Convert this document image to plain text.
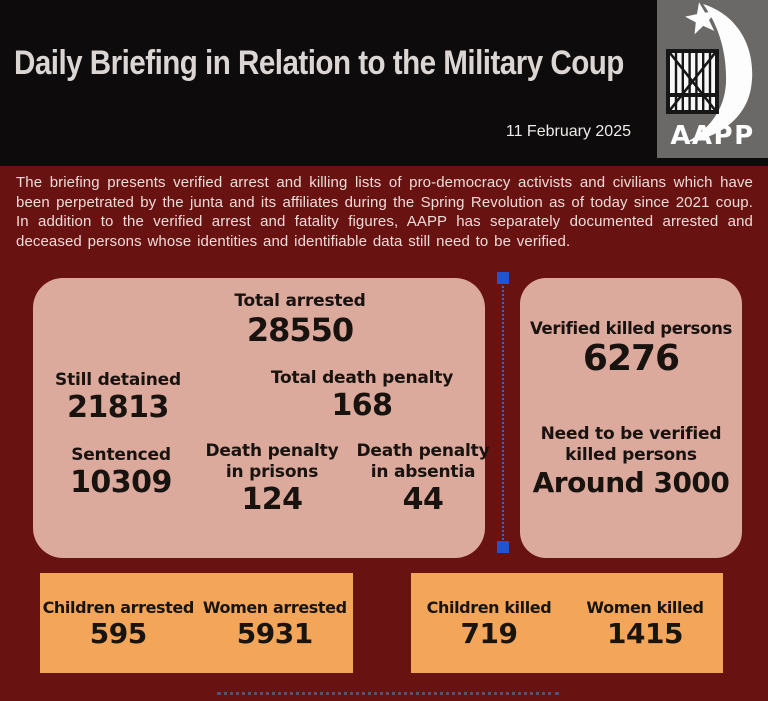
Daily Briefing in Relation to the Military Coup
11 February 2025	AAPP
The briefing presents verified arrest and killing lists of pro-democracy activists and civilians which have been perpetrated by the junta and its affiliates during the Spring Revolution as of today since 2021 coup. In addition to the verified arrest and fatality figures, AAPP has separately documented arrested and deceased persons whose identities and identifiable data still need to be verified.
Total arrested
28550
Still detained
21813
Total death penalty
168
Sentenced
10309
Death penalty in prisons
124
Death penalty in absentia
44
Verified killed persons
6276
Need to be verified killed persons
Around 3000
Children arrested
595
Women arrested
5931
Children killed
719
Women killed
1415
